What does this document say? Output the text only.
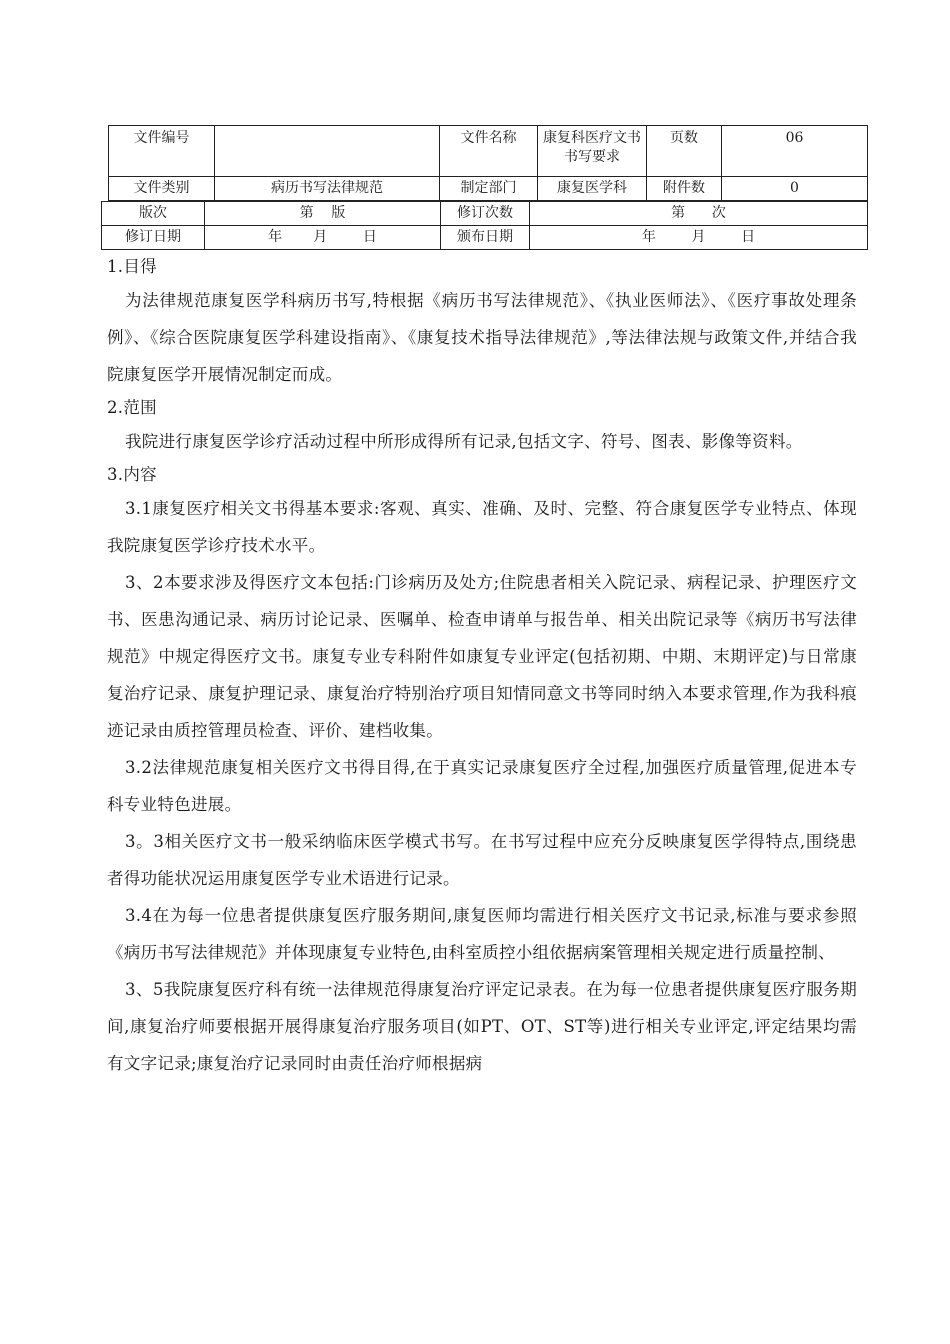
文件编号		文件名称	康复科医疗文书书写要求	页数	06
文件类别	病历书写法律规范	制定部门	康复医学科	附件数	0
版次	第    版	修订次数	第      次
修订日期	年       月        日	颁布日期	年        月        日

1.目得

为法律规范康复医学科病历书写,特根据《病历书写法律规范》、《执业医师法》、《医疗事故处理条例》、《综合医院康复医学科建设指南》、《康复技术指导法律规范》,等法律法规与政策文件,并结合我院康复医学开展情况制定而成。

2.范围

我院进行康复医学诊疗活动过程中所形成得所有记录,包括文字、符号、图表、影像等资料。

3.内容

3.1康复医疗相关文书得基本要求:客观、真实、准确、及时、完整、符合康复医学专业特点、体现我院康复医学诊疗技术水平。

3、2本要求涉及得医疗文本包括:门诊病历及处方;住院患者相关入院记录、病程记录、护理医疗文书、医患沟通记录、病历讨论记录、医嘱单、检查申请单与报告单、相关出院记录等《病历书写法律规范》中规定得医疗文书。康复专业专科附件如康复专业评定(包括初期、中期、末期评定)与日常康复治疗记录、康复护理记录、康复治疗特别治疗项目知情同意文书等同时纳入本要求管理,作为我科痕迹记录由质控管理员检查、评价、建档收集。

3.2法律规范康复相关医疗文书得目得,在于真实记录康复医疗全过程,加强医疗质量管理,促进本专科专业特色进展。

3。3相关医疗文书一般采纳临床医学模式书写。在书写过程中应充分反映康复医学得特点,围绕患者得功能状况运用康复医学专业术语进行记录。

3.4在为每一位患者提供康复医疗服务期间,康复医师均需进行相关医疗文书记录,标准与要求参照《病历书写法律规范》并体现康复专业特色,由科室质控小组依据病案管理相关规定进行质量控制、

3、5我院康复医疗科有统一法律规范得康复治疗评定记录表。在为每一位患者提供康复医疗服务期间,康复治疗师要根据开展得康复治疗服务项目(如PT、OT、ST等)进行相关专业评定,评定结果均需有文字记录;康复治疗记录同时由责任治疗师根据病
